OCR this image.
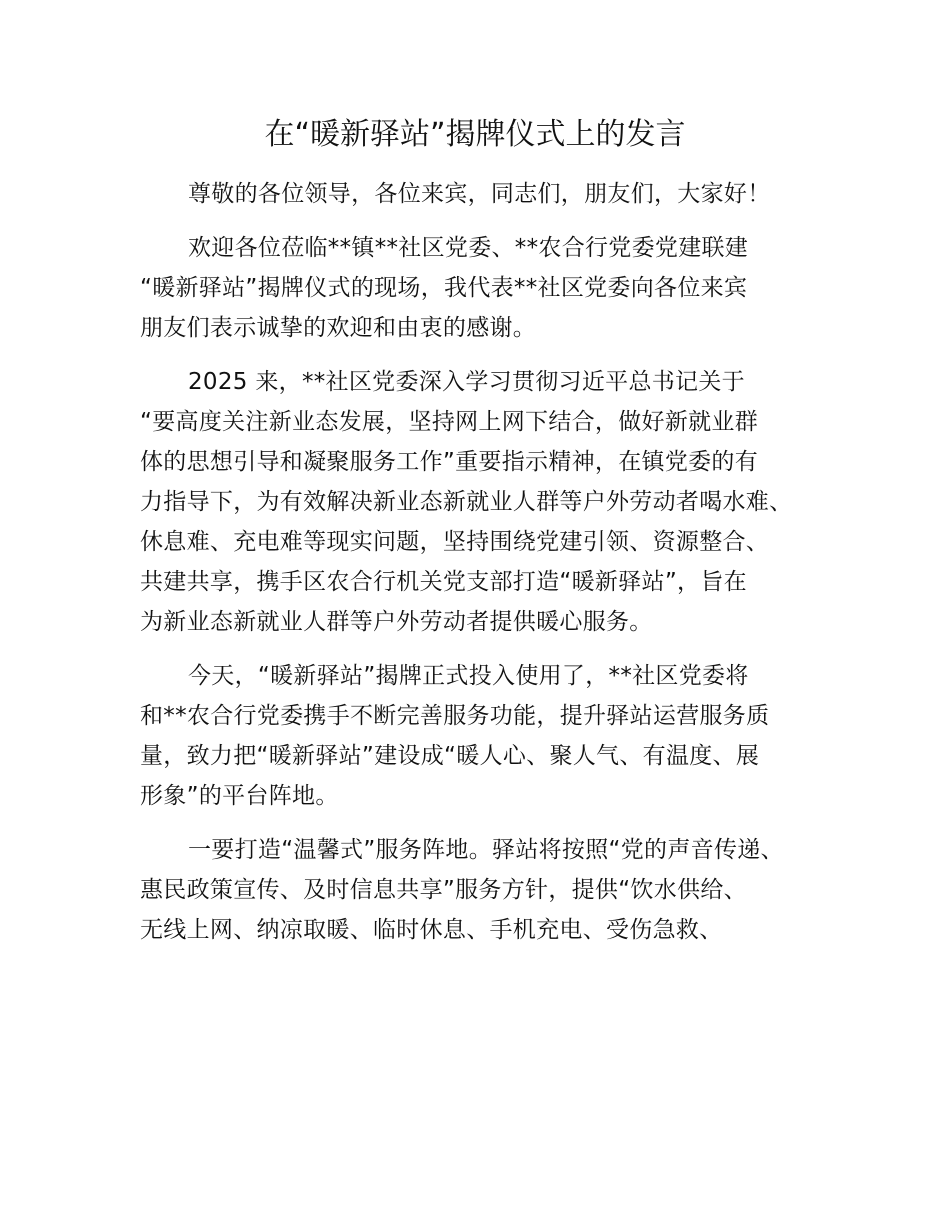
在“暖新驿站”揭牌仪式上的发言
尊敬的各位领导，各位来宾，同志们，朋友们，大家好！
欢迎各位莅临**镇**社区党委、**农合行党委党建联建
“暖新驿站”揭牌仪式的现场，我代表**社区党委向各位来宾
朋友们表示诚挚的欢迎和由衷的感谢。
2025 来，**社区党委深入学习贯彻习近平总书记关于
“要高度关注新业态发展，坚持网上网下结合，做好新就业群
体的思想引导和凝聚服务工作”重要指示精神，在镇党委的有
力指导下，为有效解决新业态新就业人群等户外劳动者喝水难、
休息难、充电难等现实问题，坚持围绕党建引领、资源整合、
共建共享，携手区农合行机关党支部打造“暖新驿站”，旨在
为新业态新就业人群等户外劳动者提供暖心服务。
今天，“暖新驿站”揭牌正式投入使用了，**社区党委将
和**农合行党委携手不断完善服务功能，提升驿站运营服务质
量，致力把“暖新驿站”建设成“暖人心、聚人气、有温度、展
形象”的平台阵地。
一要打造“温馨式”服务阵地。驿站将按照“党的声音传递、
惠民政策宣传、及时信息共享”服务方针，提供“饮水供给、
无线上网、纳凉取暖、临时休息、手机充电、受伤急救、
